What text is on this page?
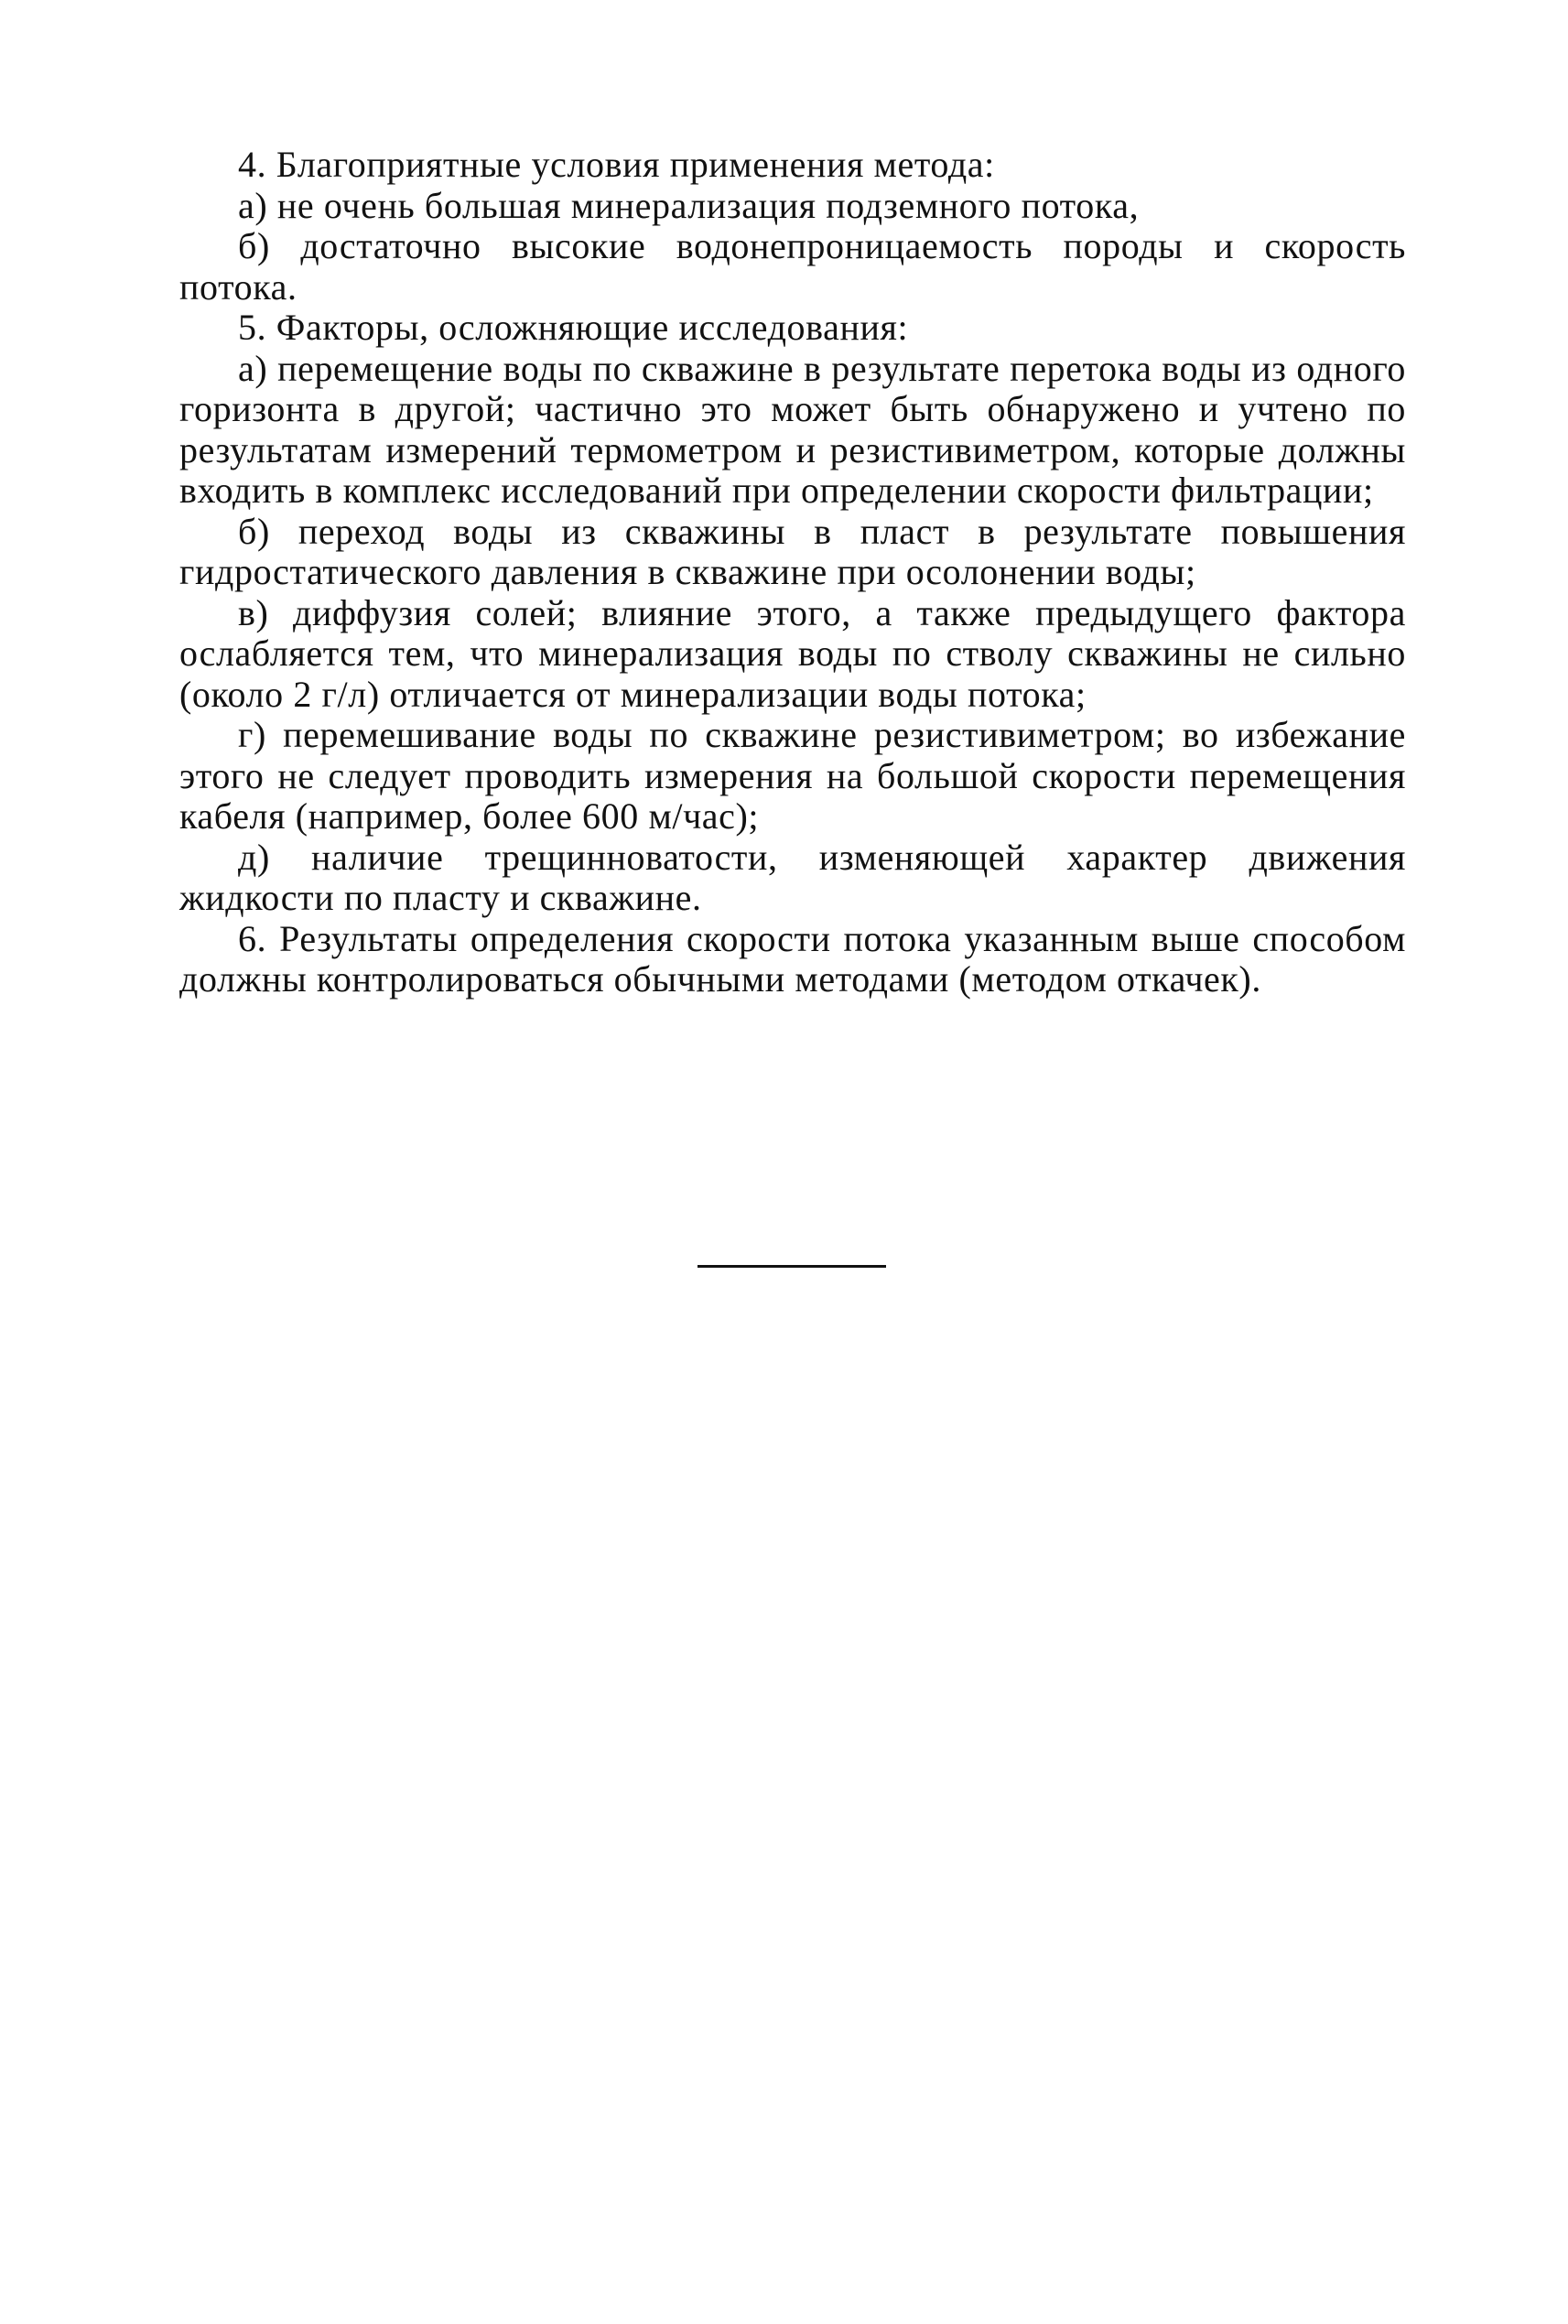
4. Благоприятные условия применения метода:

а) не очень большая минерализация подземного потока,

б) достаточно высокие водонепроницаемость породы и скорость потока.

5. Факторы, осложняющие исследования:

а) перемещение воды по скважине в результате перетока воды из одного горизонта в другой; частично это может быть обнаружено и учтено по результатам измерений термометром и резистивиметром, которые должны входить в комплекс исследований при определении скорости фильтрации;

б) переход воды из скважины в пласт в результате повышения гидростатического давления в скважине при осолонении воды;

в) диффузия солей; влияние этого, а также предыдущего фактора ослабляется тем, что минерализация воды по стволу скважины не сильно (около 2 г/л) отличается от минерализации воды потока;

г) перемешивание воды по скважине резистивиметром; во избежание этого не следует проводить измерения на большой скорости перемещения кабеля (например, более 600 м/час);

д) наличие трещинноватости, изменяющей характер движения жидкости по пласту и скважине.

6. Результаты определения скорости потока указанным выше способом должны контролироваться обычными методами (методом откачек).
